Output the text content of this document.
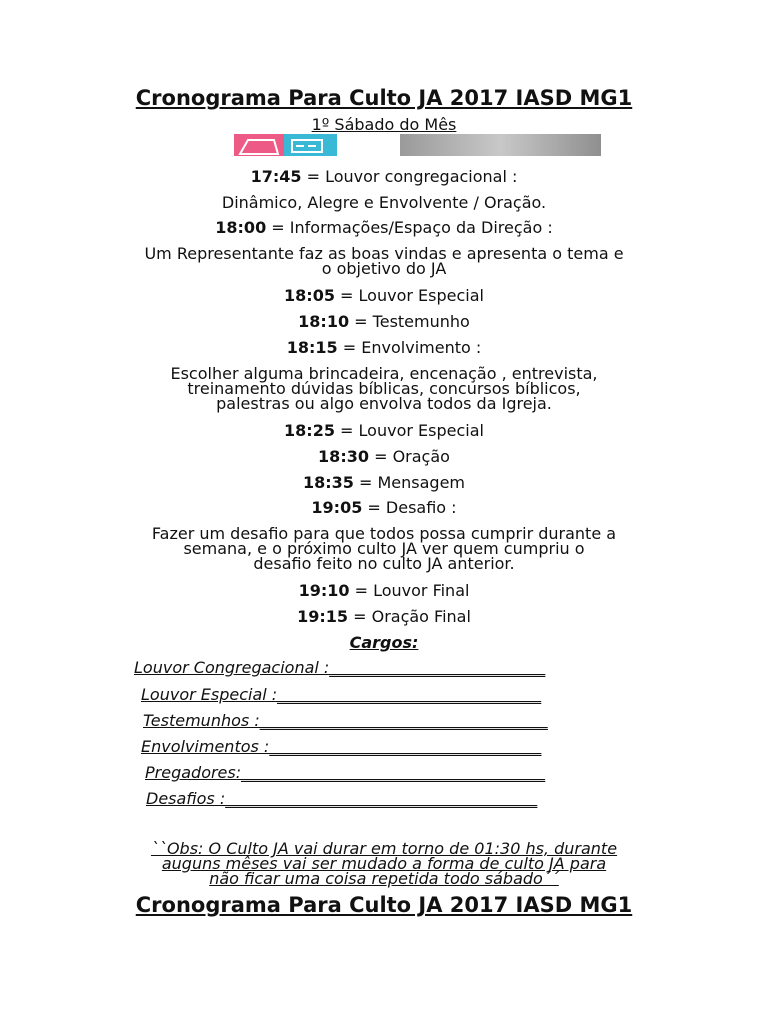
Cronograma Para Culto JA 2017 IASD MG1
1º Sábado do Mês
17:45 = Louvor congregacional :
Dinâmico, Alegre e Envolvente / Oração.
18:00 = Informações/Espaço da Direção :
Um Representante faz as boas vindas e apresenta o tema e
o objetivo do JA
18:05 = Louvor Especial
18:10 = Testemunho
18:15 = Envolvimento :
Escolher alguma brincadeira, encenação , entrevista,
treinamento dúvidas bíblicas, concursos bíblicos,
palestras ou algo envolva todos da Igreja.
18:25 = Louvor Especial
18:30 = Oração
18:35 = Mensagem
19:05 = Desafio :
Fazer um desafio para que todos possa cumprir durante a
semana, e o próximo culto JA ver quem cumpriu o
desafio feito no culto JA anterior.
19:10 = Louvor Final
19:15 = Oração Final
Cargos:
Louvor Congregacional :___________________________
Louvor Especial :_________________________________
Testemunhos :____________________________________
Envolvimentos :__________________________________
Pregadores:______________________________________
Desafios :_______________________________________
``Obs: O Culto JA vai durar em torno de 01:30 hs, durante
auguns mêses vai ser mudado a forma de culto JA para
não ficar uma coisa repetida todo sábado´´
Cronograma Para Culto JA 2017 IASD MG1
